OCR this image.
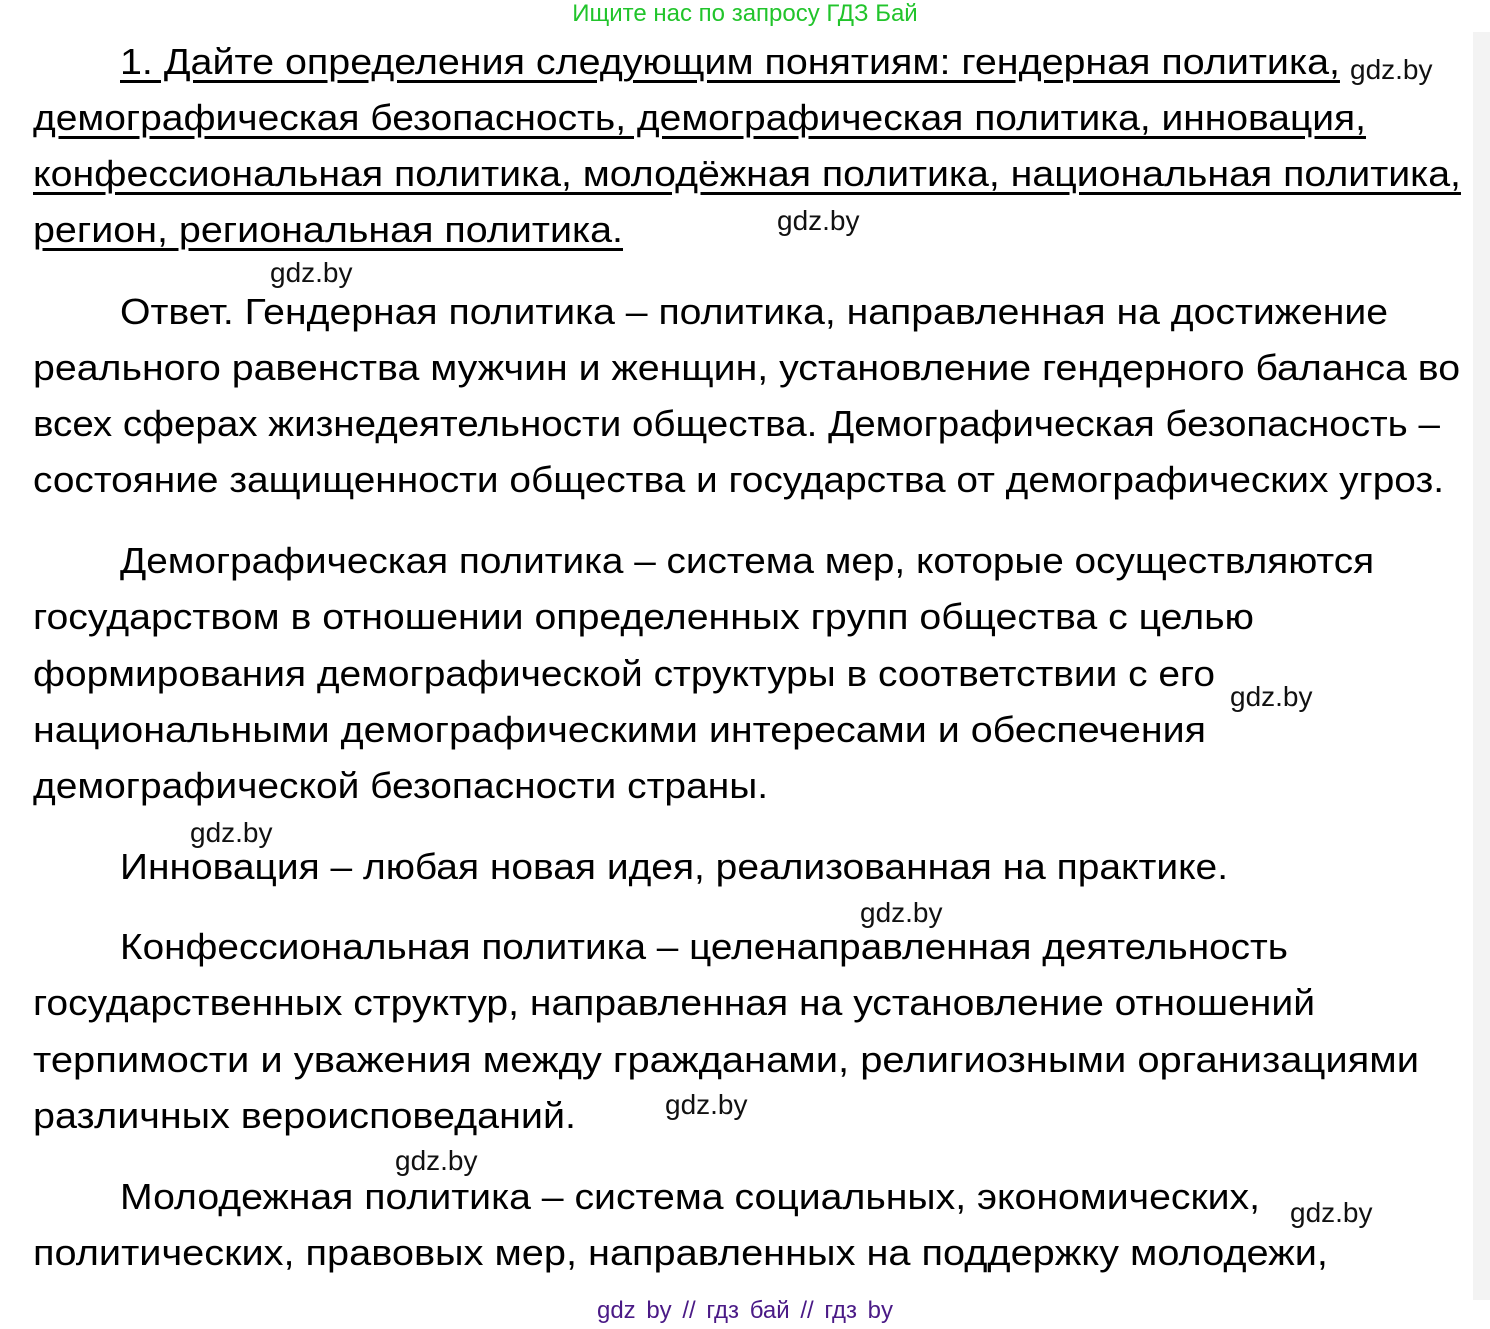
Ищите нас по запросу ГДЗ Бай
1. Дайте определения следующим понятиям: гендерная политика,
демографическая безопасность, демографическая политика, инновация,
конфессиональная политика, молодёжная политика, национальная политика,
регион, региональная политика.
Ответ. Гендерная политика – политика, направленная на достижение
реального равенства мужчин и женщин, установление гендерного баланса во
всех сферах жизнедеятельности общества. Демографическая безопасность –
состояние защищенности общества и государства от демографических угроз.
Демографическая политика – система мер, которые осуществляются
государством в отношении определенных групп общества с целью
формирования демографической структуры в соответствии с его
национальными демографическими интересами и обеспечения
демографической безопасности страны.
Инновация – любая новая идея, реализованная на практике.
Конфессиональная политика – целенаправленная деятельность
государственных структур, направленная на установление отношений
терпимости и уважения между гражданами, религиозными организациями
различных вероисповеданий.
Молодежная политика – система социальных, экономических,
политических, правовых мер, направленных на поддержку молодежи,
gdz.by
gdz.by
gdz.by
gdz.by
gdz.by
gdz.by
gdz.by
gdz.by
gdz.by
gdz by // гдз бай // гдз by
